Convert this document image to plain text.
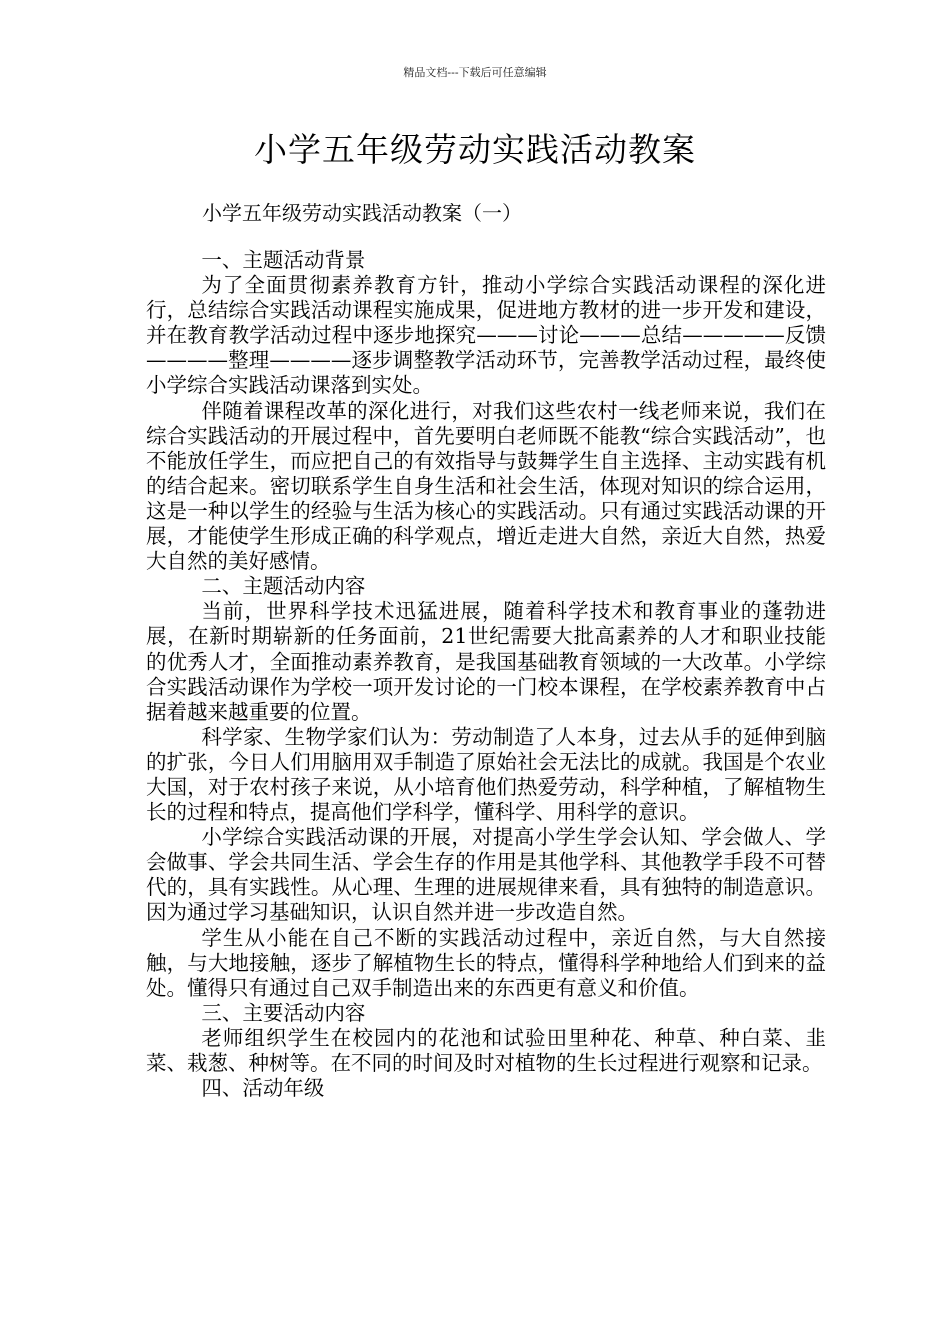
精品文档---下载后可任意编辑
小学五年级劳动实践活动教案
小学五年级劳动实践活动教案（一）

一、主题活动背景

为了全面贯彻素养教育方针，推动小学综合实践活动课程的深化进行，总结综合实践活动课程实施成果，促进地方教材的进一步开发和建设，并在教育教学活动过程中逐步地探究———讨论———总结—————反馈————整理————逐步调整教学活动环节，完善教学活动过程，最终使小学综合实践活动课落到实处。

伴随着课程改革的深化进行，对我们这些农村一线老师来说，我们在综合实践活动的开展过程中，首先要明白老师既不能教“综合实践活动”，也不能放任学生，而应把自己的有效指导与鼓舞学生自主选择、主动实践有机的结合起来。密切联系学生自身生活和社会生活，体现对知识的综合运用，这是一种以学生的经验与生活为核心的实践活动。只有通过实践活动课的开展，才能使学生形成正确的科学观点，增近走进大自然，亲近大自然，热爱大自然的美好感情。

二、主题活动内容

当前，世界科学技术迅猛进展，随着科学技术和教育事业的蓬勃进展，在新时期崭新的任务面前，21世纪需要大批高素养的人才和职业技能的优秀人才，全面推动素养教育，是我国基础教育领域的一大改革。小学综合实践活动课作为学校一项开发讨论的一门校本课程，在学校素养教育中占据着越来越重要的位置。

科学家、生物学家们认为：劳动制造了人本身，过去从手的延伸到脑的扩张，今日人们用脑用双手制造了原始社会无法比的成就。我国是个农业大国，对于农村孩子来说，从小培育他们热爱劳动，科学种植，了解植物生长的过程和特点，提高他们学科学，懂科学、用科学的意识。

小学综合实践活动课的开展，对提高小学生学会认知、学会做人、学会做事、学会共同生活、学会生存的作用是其他学科、其他教学手段不可替代的，具有实践性。从心理、生理的进展规律来看，具有独特的制造意识。因为通过学习基础知识，认识自然并进一步改造自然。

学生从小能在自己不断的实践活动过程中，亲近自然，与大自然接触，与大地接触，逐步了解植物生长的特点，懂得科学种地给人们到来的益处。懂得只有通过自己双手制造出来的东西更有意义和价值。

三、主要活动内容

老师组织学生在校园内的花池和试验田里种花、种草、种白菜、韭菜、栽葱、种树等。在不同的时间及时对植物的生长过程进行观察和记录。

四、活动年级
